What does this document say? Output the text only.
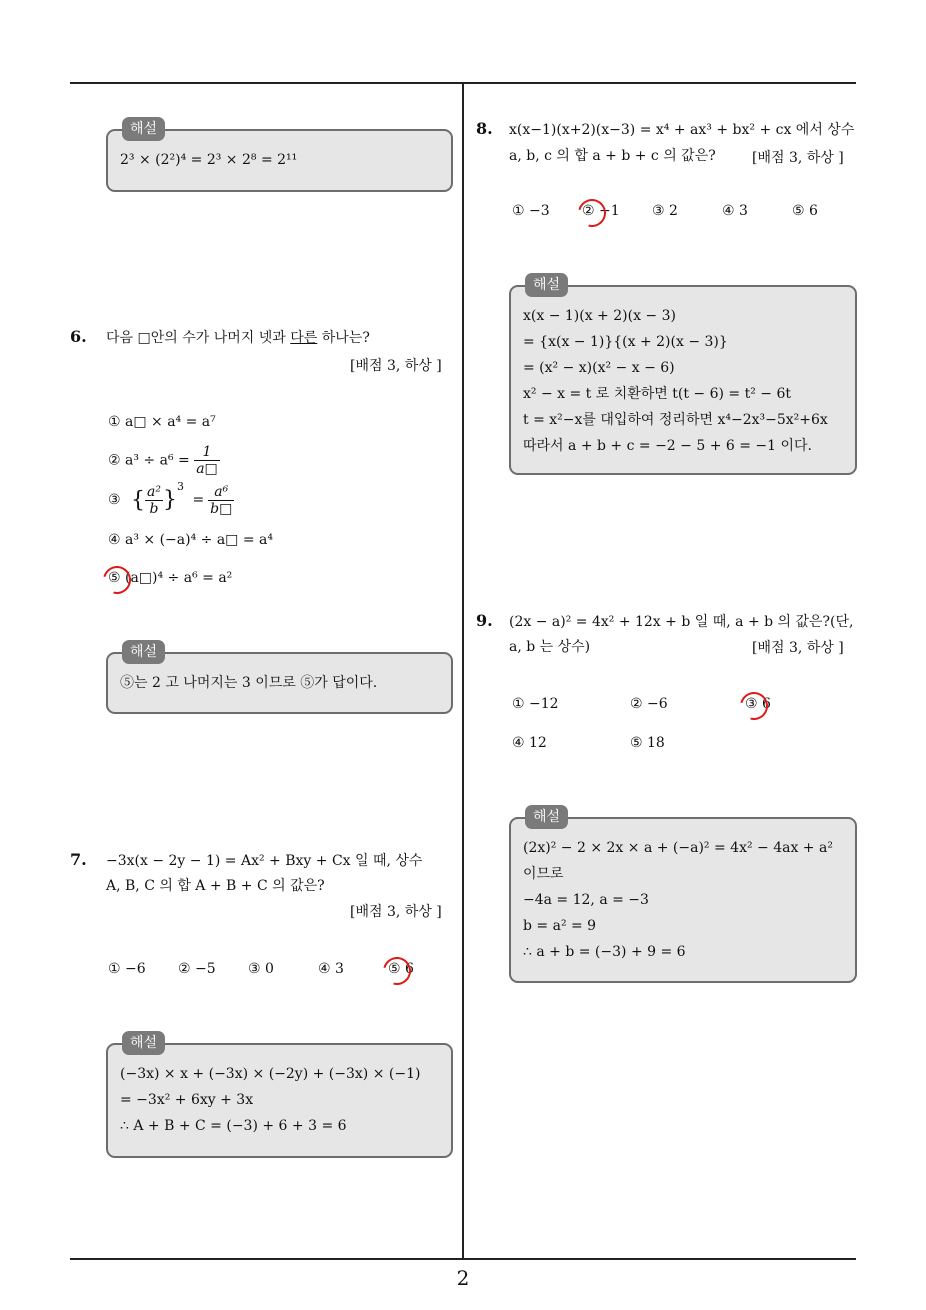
해설
2³ × (2²)⁴ = 2³ × 2⁸ = 2¹¹
6. 다음 □안의 수가 나머지 넷과 다른 하나는?
[배점 3, 하상 ]
① a□ × a⁴ = a⁷
② $a^3 \div a^6 = \frac{1}{a□}$
③ { $\frac{\text{a²}}{b} \}^3 = \frac{\text{a⁶}}{b□}$
④ a³ × (−a)⁴ ÷ a□ = a⁴
⑤ (a□)⁴ ÷ a⁶ = a²
해설
⑤는 2 고 나머지는 3 이므로 ⑤가 답이다.
7. −3x(x − 2y − 1) = Ax² + Bxy + Cx 일 때, 상수
A, B, C 의 합 A + B + C 의 값은?
[배점 3, 하상 ]
① −6 ② −5 ③ 0	④ 3	⑤ 6
해설
(−3x) × x + (−3x) × (−2y) + (−3x) × (−1)
= −3x² + 6xy + 3x
∴ A + B + C = (−3) + 6 + 3 = 6
8. x(x−1)(x+2)(x−3) = x⁴ + ax³ + bx² + cx 에서 상수
a, b, c 의 합 a + b + c 의 값은?	[배점 3, 하상 ]
① −3 ② −1 ③ 2	④ 3	⑤ 6
해설
x(x − 1)(x + 2)(x − 3)
= {x(x − 1)}{(x + 2)(x − 3)}
= (x² − x)(x² − x − 6)
x² − x = t 로 치환하면 t(t − 6) = t² − 6t
t = x²−x를 대입하여 정리하면 x⁴−2x³−5x²+6x
따라서 a + b + c = −2 − 5 + 6 = −1 이다.
9. (2x − a)² = 4x² + 12x + b 일 때, a + b 의 값은?(단,
a, b 는 상수)	[배점 3, 하상 ]
① −12	② −6	③ 6
④ 12	⑤ 18
해설
(2x)² − 2 × 2x × a + (−a)² = 4x² − 4ax + a²
이므로
−4a = 12, a = −3
b = a² = 9
∴ a + b = (−3) + 9 = 6
2
